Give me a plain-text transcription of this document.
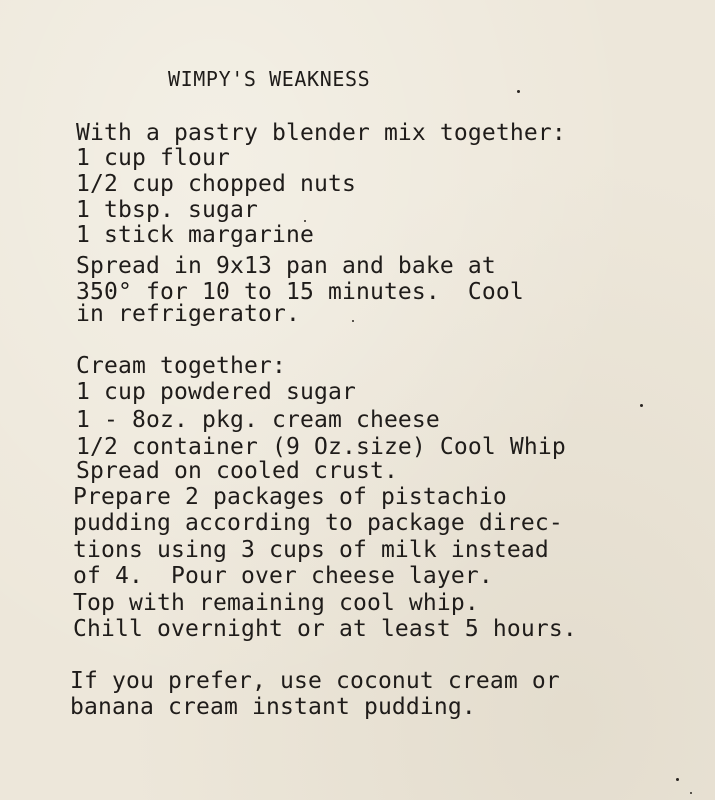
WIMPY'S WEAKNESS
With a pastry blender mix together:
1 cup flour
1/2 cup chopped nuts
1 tbsp. sugar
1 stick margarine
Spread in 9x13 pan and bake at
350° for 10 to 15 minutes.  Cool
in refrigerator.
Cream together:
1 cup powdered sugar
1 - 8oz. pkg. cream cheese
1/2 container (9 Oz.size) Cool Whip
Spread on cooled crust.
Prepare 2 packages of pistachio
pudding according to package direc-
tions using 3 cups of milk instead
of 4.  Pour over cheese layer.
Top with remaining cool whip.
Chill overnight or at least 5 hours.
If you prefer, use coconut cream or
banana cream instant pudding.
